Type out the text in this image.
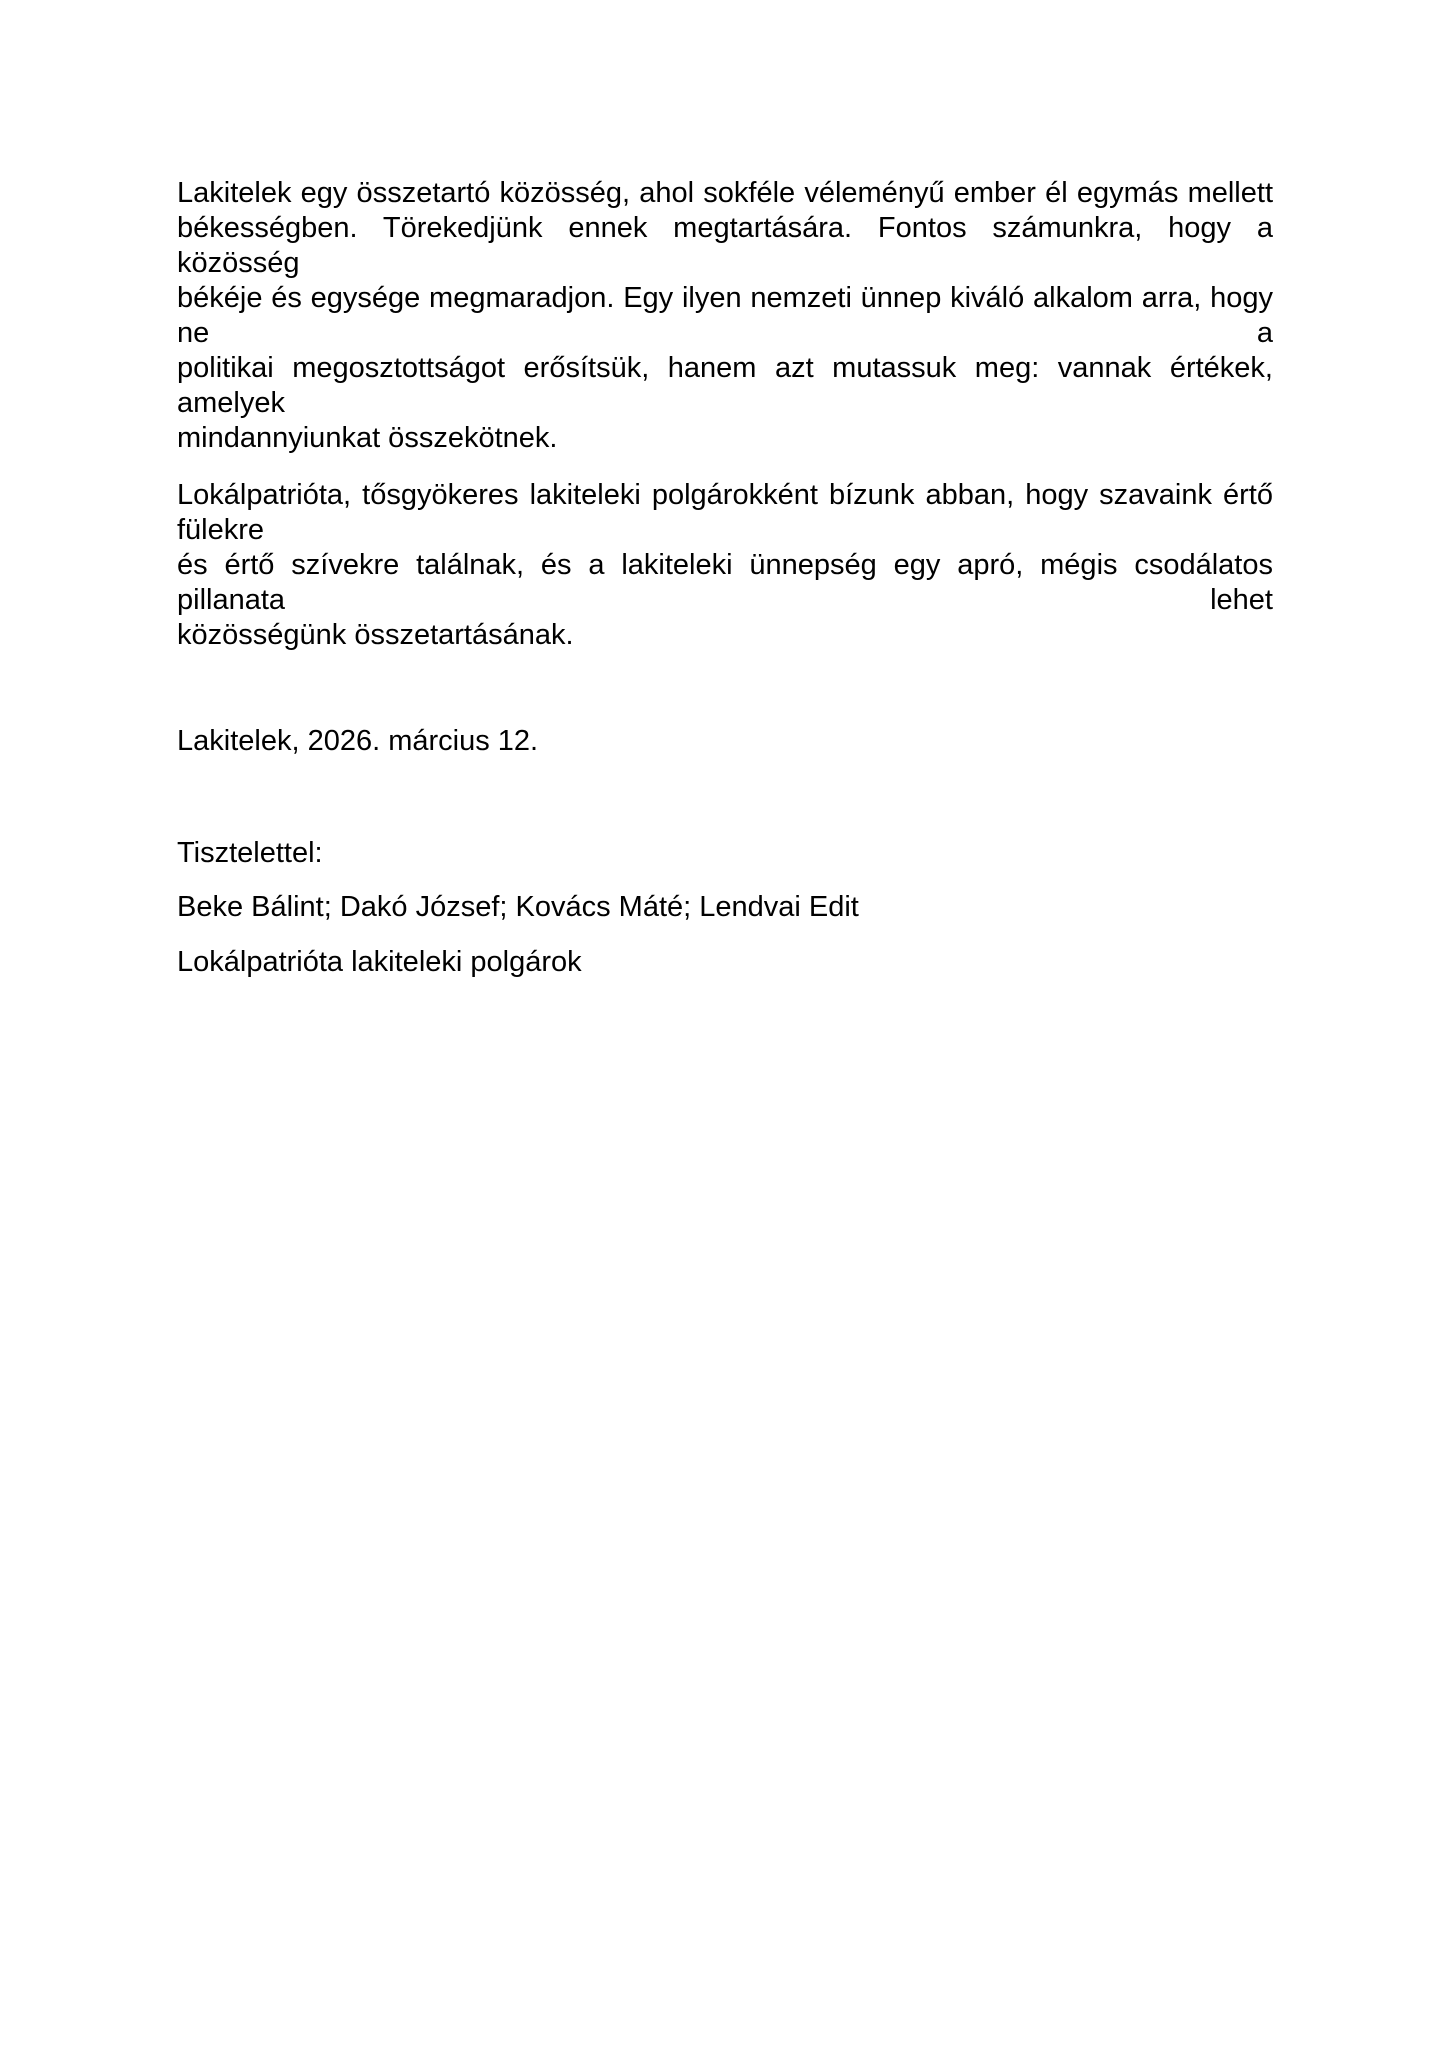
Lakitelek egy összetartó közösség, ahol sokféle véleményű ember él egymás mellett
békességben. Törekedjünk ennek megtartására. Fontos számunkra, hogy a közösség
békéje és egysége megmaradjon. Egy ilyen nemzeti ünnep kiváló alkalom arra, hogy ne a
politikai megosztottságot erősítsük, hanem azt mutassuk meg: vannak értékek, amelyek
mindannyiunkat összekötnek.

Lokálpatrióta, tősgyökeres lakiteleki polgárokként bízunk abban, hogy szavaink értő fülekre
és értő szívekre találnak, és a lakiteleki ünnepség egy apró, mégis csodálatos pillanata lehet
közösségünk összetartásának.

Lakitelek, 2026. március 12.

Tisztelettel:

Beke Bálint; Dakó József; Kovács Máté; Lendvai Edit

Lokálpatrióta lakiteleki polgárok
